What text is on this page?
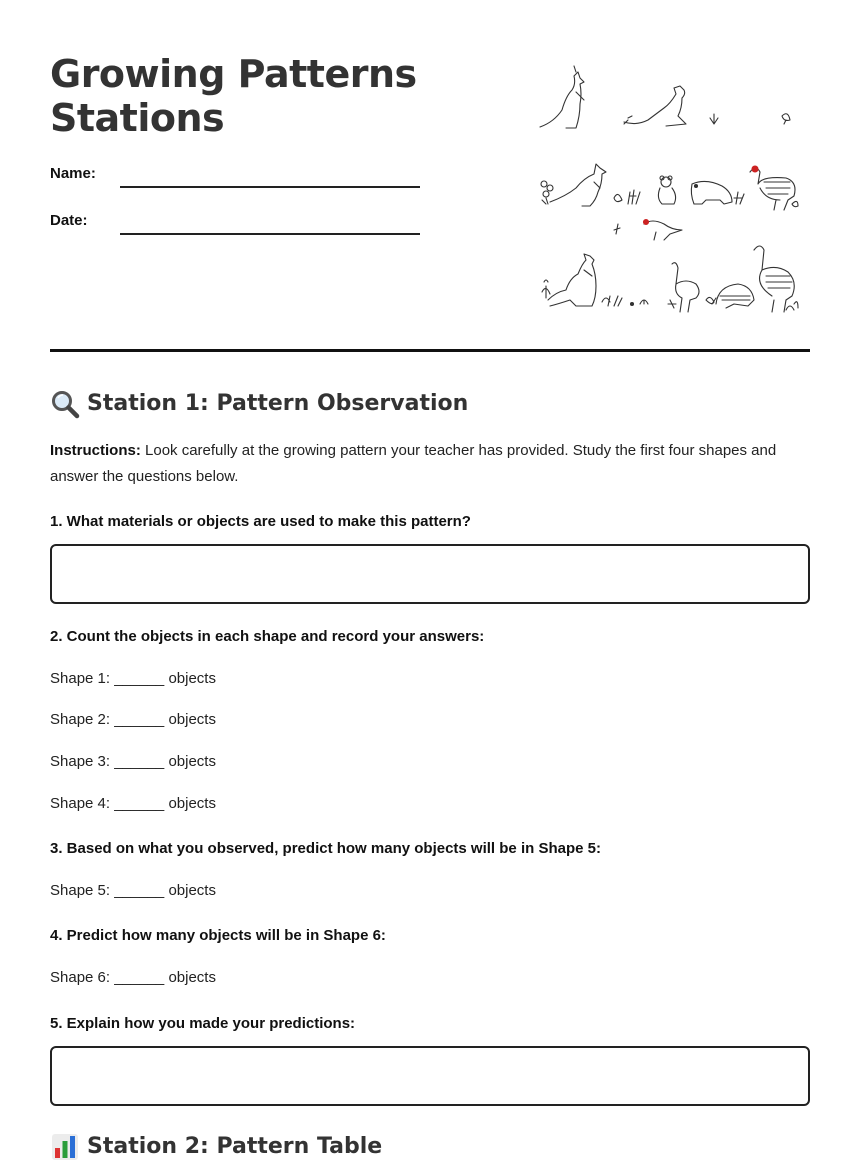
Growing Patterns
Stations
Name:
Date:
Station 1: Pattern Observation

Instructions: Look carefully at the growing pattern your teacher has provided. Study the first four shapes and answer the questions below.

1. What materials or objects are used to make this pattern?
2. Count the objects in each shape and record your answers:
Shape 1: ______ objects
Shape 2: ______ objects
Shape 3: ______ objects
Shape 4: ______ objects
3. Based on what you observed, predict how many objects will be in Shape 5:
Shape 5: ______ objects
4. Predict how many objects will be in Shape 6:
Shape 6: ______ objects
5. Explain how you made your predictions:
Station 2: Pattern Table
